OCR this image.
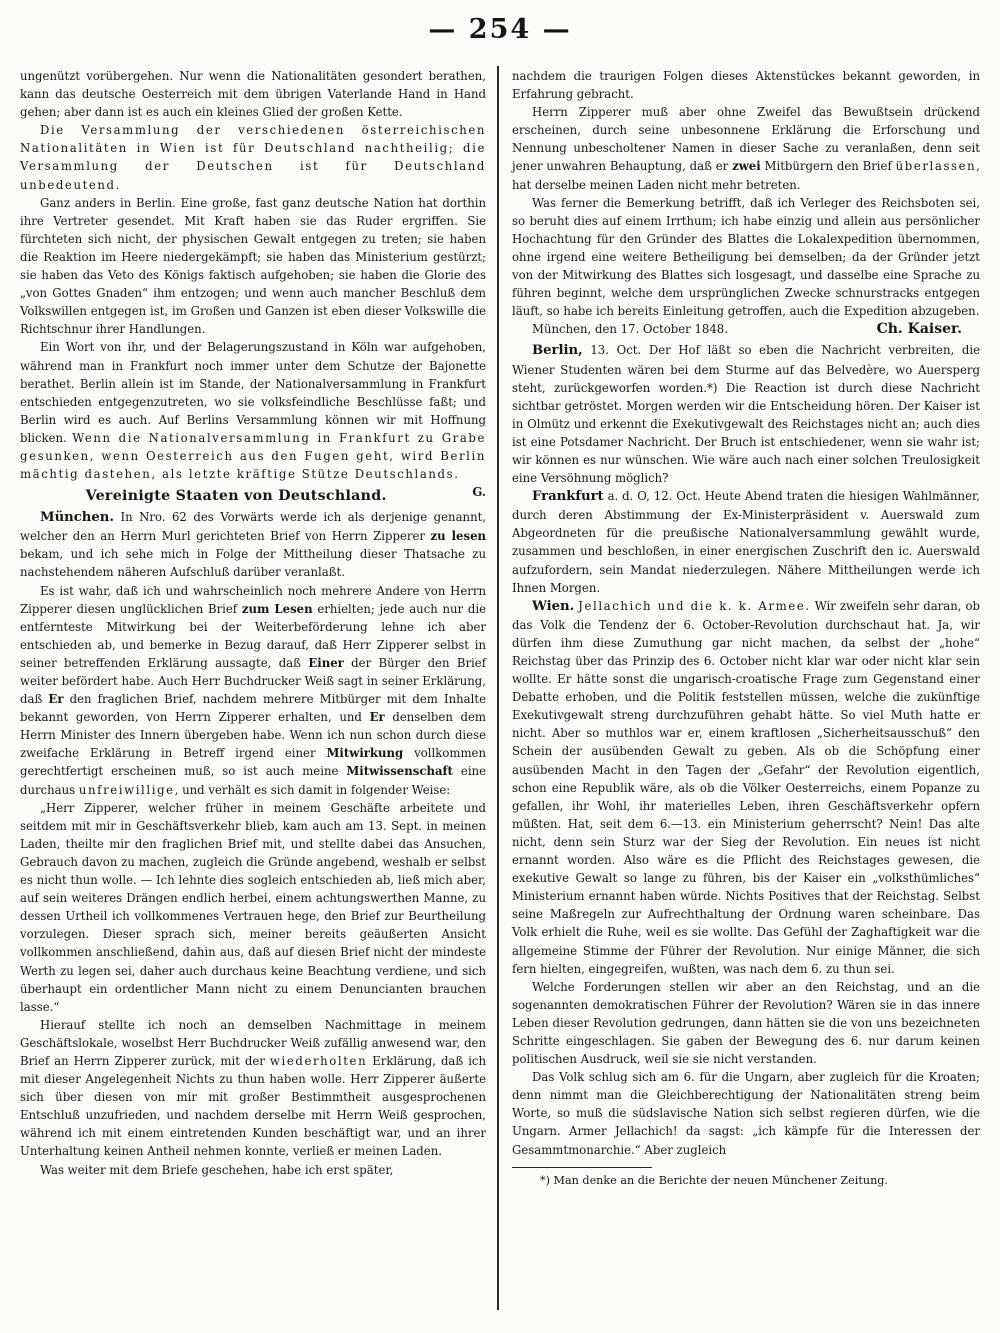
— 254 —

ungenützt vorübergehen. Nur wenn die Nationalitäten gesondert berathen, kann das deutsche Oesterreich mit dem übrigen Vaterlande Hand in Hand gehen; aber dann ist es auch ein kleines Glied der großen Kette.

Die Versammlung der verschiedenen österreichischen Nationalitäten in Wien ist für Deutschland nachtheilig; die Versammlung der Deutschen ist für Deutschland unbedeutend.

Ganz anders in Berlin. Eine große, fast ganz deutsche Nation hat dorthin ihre Vertreter gesendet. Mit Kraft haben sie das Ruder ergriffen. Sie fürchteten sich nicht, der physischen Gewalt entgegen zu treten; sie haben die Reaktion im Heere niedergekämpft; sie haben das Ministerium gestürzt; sie haben das Veto des Königs faktisch aufgehoben; sie haben die Glorie des „von Gottes Gnaden“ ihm entzogen; und wenn auch mancher Beschluß dem Volkswillen entgegen ist, im Großen und Ganzen ist eben dieser Volkswille die Richtschnur ihrer Handlungen.

Ein Wort von ihr, und der Belagerungszustand in Köln war aufgehoben, während man in Frankfurt noch immer unter dem Schutze der Bajonette berathet. Berlin allein ist im Stande, der Nationalversammlung in Frankfurt entschieden entgegenzutreten, wo sie volksfeindliche Beschlüsse faßt; und Berlin wird es auch. Auf Berlins Versammlung können wir mit Hoffnung blicken. Wenn die Nationalversammlung in Frankfurt zu Grabe gesunken, wenn Oesterreich aus den Fugen geht, wird Berlin mächtig dastehen, als letzte kräftige Stütze Deutschlands.
G.

Vereinigte Staaten von Deutschland.

München. In Nro. 62 des Vorwärts werde ich als derjenige genannt, welcher den an Herrn Murl gerichteten Brief von Herrn Zipperer zu lesen bekam, und ich sehe mich in Folge der Mittheilung dieser Thatsache zu nachstehendem näheren Aufschluß darüber veranlaßt.

Es ist wahr, daß ich und wahrscheinlich noch mehrere Andere von Herrn Zipperer diesen unglücklichen Brief zum Lesen erhielten; jede auch nur die entfernteste Mitwirkung bei der Weiterbeförderung lehne ich aber entschieden ab, und bemerke in Bezug darauf, daß Herr Zipperer selbst in seiner betreffenden Erklärung aussagte, daß Einer der Bürger den Brief weiter befördert habe. Auch Herr Buchdrucker Weiß sagt in seiner Erklärung, daß Er den fraglichen Brief, nachdem mehrere Mitbürger mit dem Inhalte bekannt geworden, von Herrn Zipperer erhalten, und Er denselben dem Herrn Minister des Innern übergeben habe. Wenn ich nun schon durch diese zweifache Erklärung in Betreff irgend einer Mitwirkung vollkommen gerechtfertigt erscheinen muß, so ist auch meine Mitwissenschaft eine durchaus unfreiwillige, und verhält es sich damit in folgender Weise:

„Herr Zipperer, welcher früher in meinem Geschäfte arbeitete und seitdem mit mir in Geschäftsverkehr blieb, kam auch am 13. Sept. in meinen Laden, theilte mir den fraglichen Brief mit, und stellte dabei das Ansuchen, Gebrauch davon zu machen, zugleich die Gründe angebend, weshalb er selbst es nicht thun wolle. — Ich lehnte dies sogleich entschieden ab, ließ mich aber, auf sein weiteres Drängen endlich herbei, einem achtungswerthen Manne, zu dessen Urtheil ich vollkommenes Vertrauen hege, den Brief zur Beurtheilung vorzulegen. Dieser sprach sich, meiner bereits geäußerten Ansicht vollkommen anschließend, dahin aus, daß auf diesen Brief nicht der mindeste Werth zu legen sei, daher auch durchaus keine Beachtung verdiene, und sich überhaupt ein ordentlicher Mann nicht zu einem Denuncianten brauchen lasse.“

Hierauf stellte ich noch an demselben Nachmittage in meinem Geschäftslokale, woselbst Herr Buchdrucker Weiß zufällig anwesend war, den Brief an Herrn Zipperer zurück, mit der wiederholten Erklärung, daß ich mit dieser Angelegenheit Nichts zu thun haben wolle. Herr Zipperer äußerte sich über diesen von mir mit großer Bestimmtheit ausgesprochenen Entschluß unzufrieden, und nachdem derselbe mit Herrn Weiß gesprochen, während ich mit einem eintretenden Kunden beschäftigt war, und an ihrer Unterhaltung keinen Antheil nehmen konnte, verließ er meinen Laden.

Was weiter mit dem Briefe geschehen, habe ich erst später,

nachdem die traurigen Folgen dieses Aktenstückes bekannt geworden, in Erfahrung gebracht.

Herrn Zipperer muß aber ohne Zweifel das Bewußtsein drückend erscheinen, durch seine unbesonnene Erklärung die Erforschung und Nennung unbescholtener Namen in dieser Sache zu veranlaßen, denn seit jener unwahren Behauptung, daß er zwei Mitbürgern den Brief überlassen, hat derselbe meinen Laden nicht mehr betreten.

Was ferner die Bemerkung betrifft, daß ich Verleger des Reichsboten sei, so beruht dies auf einem Irrthum; ich habe einzig und allein aus persönlicher Hochachtung für den Gründer des Blattes die Lokalexpedition übernommen, ohne irgend eine weitere Betheiligung bei demselben; da der Gründer jetzt von der Mitwirkung des Blattes sich losgesagt, und dasselbe eine Sprache zu führen beginnt, welche dem ursprünglichen Zwecke schnurstracks entgegen läuft, so habe ich bereits Einleitung getroffen, auch die Expedition abzugeben.

München, den 17. October 1848.	Ch. Kaiser.

Berlin, 13. Oct. Der Hof läßt so eben die Nachricht verbreiten, die Wiener Studenten wären bei dem Sturme auf das Belvedère, wo Auersperg steht, zurückgeworfen worden.*) Die Reaction ist durch diese Nachricht sichtbar getröstet. Morgen werden wir die Entscheidung hören. Der Kaiser ist in Olmütz und erkennt die Exekutivgewalt des Reichstages nicht an; auch dies ist eine Potsdamer Nachricht. Der Bruch ist entschiedener, wenn sie wahr ist; wir können es nur wünschen. Wie wäre auch nach einer solchen Treulosigkeit eine Versöhnung möglich?

Frankfurt a. d. O, 12. Oct. Heute Abend traten die hiesigen Wahlmänner, durch deren Abstimmung der Ex-Ministerpräsident v. Auerswald zum Abgeordneten für die preußische Nationalversammlung gewählt wurde, zusammen und beschloßen, in einer energischen Zuschrift den ic. Auerswald aufzufordern, sein Mandat niederzulegen. Nähere Mittheilungen werde ich Ihnen Morgen.

Wien. Jellachich und die k. k. Armee. Wir zweifeln sehr daran, ob das Volk die Tendenz der 6. October-Revolution durchschaut hat. Ja, wir dürfen ihm diese Zumuthung gar nicht machen, da selbst der „hohe“ Reichstag über das Prinzip des 6. October nicht klar war oder nicht klar sein wollte. Er hätte sonst die ungarisch-croatische Frage zum Gegenstand einer Debatte erhoben, und die Politik feststellen müssen, welche die zukünftige Exekutivgewalt streng durchzuführen gehabt hätte. So viel Muth hatte er nicht. Aber so muthlos war er, einem kraftlosen „Sicherheitsausschuß“ den Schein der ausübenden Gewalt zu geben. Als ob die Schöpfung einer ausübenden Macht in den Tagen der „Gefahr“ der Revolution eigentlich, schon eine Republik wäre, als ob die Völker Oesterreichs, einem Popanze zu gefallen, ihr Wohl, ihr materielles Leben, ihren Geschäftsverkehr opfern müßten. Hat, seit dem 6.—13. ein Ministerium geherrscht? Nein! Das alte nicht, denn sein Sturz war der Sieg der Revolution. Ein neues ist nicht ernannt worden. Also wäre es die Pflicht des Reichstages gewesen, die exekutive Gewalt so lange zu führen, bis der Kaiser ein „volksthümliches“ Ministerium ernannt haben würde. Nichts Positives that der Reichstag. Selbst seine Maßregeln zur Aufrechthaltung der Ordnung waren scheinbare. Das Volk erhielt die Ruhe, weil es sie wollte. Das Gefühl der Zaghaftigkeit war die allgemeine Stimme der Führer der Revolution. Nur einige Männer, die sich fern hielten, eingegreifen, wußten, was nach dem 6. zu thun sei.

Welche Forderungen stellen wir aber an den Reichstag, und an die sogenannten demokratischen Führer der Revolution? Wären sie in das innere Leben dieser Revolution gedrungen, dann hätten sie die von uns bezeichneten Schritte eingeschlagen. Sie gaben der Bewegung des 6. nur darum keinen politischen Ausdruck, weil sie sie nicht verstanden.

Das Volk schlug sich am 6. für die Ungarn, aber zugleich für die Kroaten; denn nimmt man die Gleichberechtigung der Nationalitäten streng beim Worte, so muß die südslavische Nation sich selbst regieren dürfen, wie die Ungarn. Armer Jellachich! da sagst: „ich kämpfe für die Interessen der Gesammtmonarchie.“ Aber zugleich

*) Man denke an die Berichte der neuen Münchener Zeitung.
